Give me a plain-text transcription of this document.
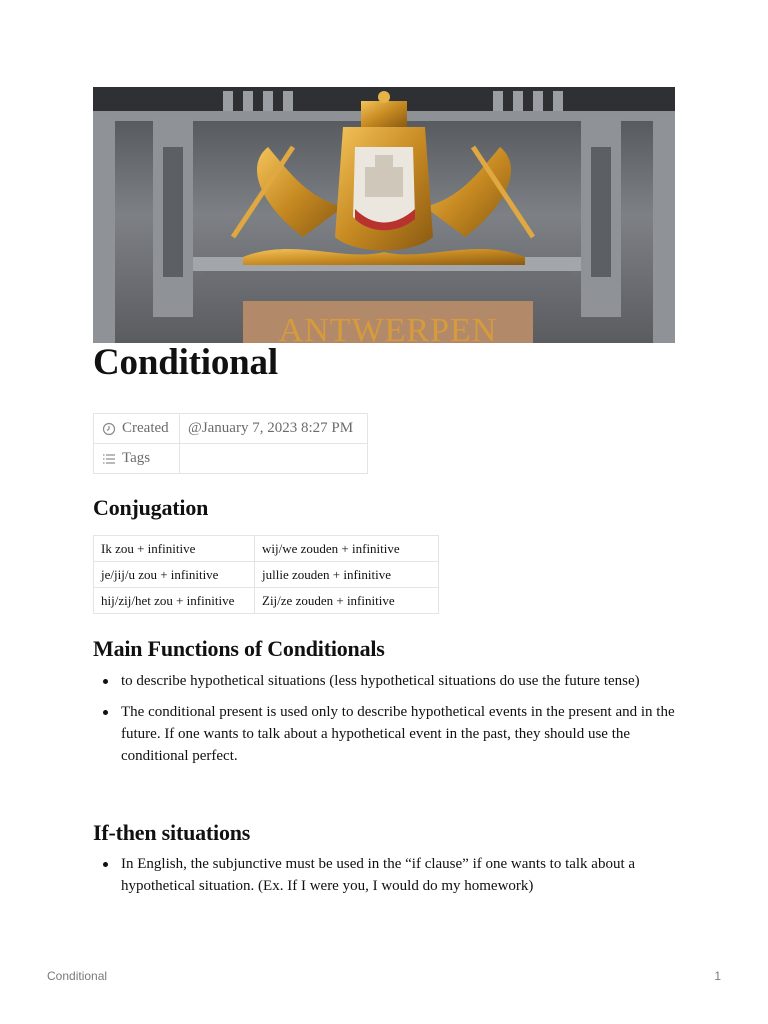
ANTWERPEN
Conditional
Created	@January 7, 2023 8:27 PM

Tags	
Conjugation
Ik zou + infinitive	wij/we zouden + infinitive
je/jij/u zou + infinitive	jullie zouden + infinitive
hij/zij/het zou + infinitive	Zij/ze zouden + infinitive
Main Functions of Conditionals
to describe hypothetical situations (less hypothetical situations do use the future tense)
The conditional present is used only to describe hypothetical events in the present and in the future. If one wants to talk about a hypothetical event in the past, they should use the conditional perfect.
If-then situations
In English, the subjunctive must be used in the “if clause” if one wants to talk about a hypothetical situation. (Ex. If I were you, I would do my homework)
Conditional	1
